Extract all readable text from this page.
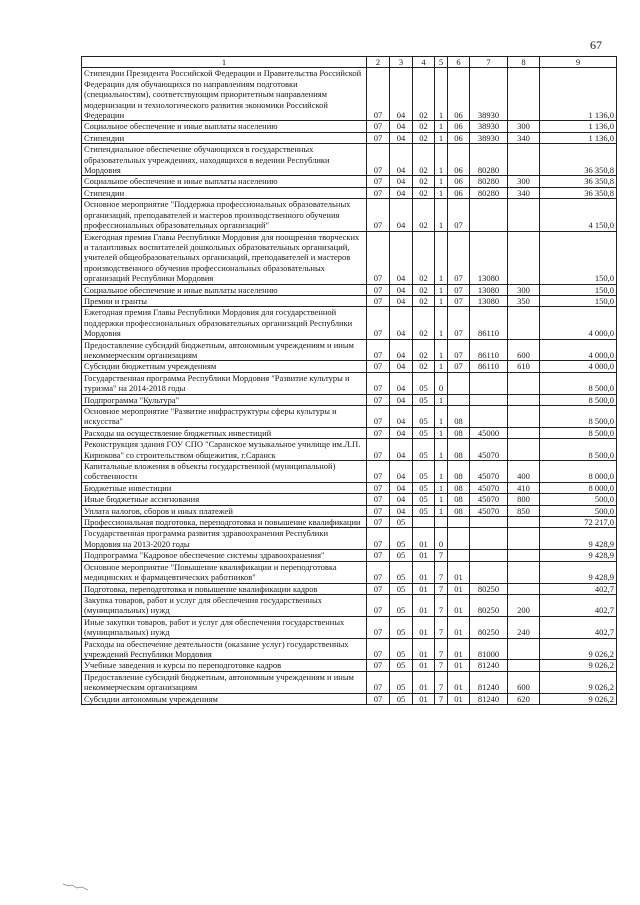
67
1	2	3	4	5	6	7	8	9
Стипендии Президента Российской Федерации и Правительства Российской Федерации для обучающихся по направлениям подготовки (специальностям), соответствующим приоритетным направлениям модернизации и технологического развития экономики Российской Федерации	07	04	02	1	06	38930		1 136,0
Социальное обеспечение и иные выплаты населению	07	04	02	1	06	38930	300	1 136,0
Стипендии	07	04	02	1	06	38930	340	1 136,0
Стипендиальное обеспечение обучающихся в государственных образовательных учреждениях, находящихся в ведении Республики Мордовия	07	04	02	1	06	80280		36 350,8
Социальное обеспечение и иные выплаты населению	07	04	02	1	06	80280	300	36 350,8
Стипендии	07	04	02	1	06	80280	340	36 350,8
Основное мероприятие "Поддержка профессиональных образовательных организаций, преподавателей и мастеров производственного обучения профессиональных образовательных организаций"	07	04	02	1	07			4 150,0
Ежегодная премия Главы Республики Мордовия для поощрения творческих и талантливых воспитателей дошкольных образовательных организаций, учителей общеобразовательных организаций, преподавателей и мастеров производственного обучения профессиональных образовательных организаций Республики Мордовия	07	04	02	1	07	13080		150,0
Социальное обеспечение и иные выплаты населению	07	04	02	1	07	13080	300	150,0
Премии и гранты	07	04	02	1	07	13080	350	150,0
Ежегодная премия Главы Республики Мордовия для государственной поддержки профессиональных образовательных организаций Республики Мордовия	07	04	02	1	07	86110		4 000,0
Предоставление субсидий бюджетным, автономным учреждениям и иным некоммерческим организациям	07	04	02	1	07	86110	600	4 000,0
Субсидии бюджетным учреждениям	07	04	02	1	07	86110	610	4 000,0
Государственная программа Республики Мордовия "Развитие культуры и туризма" на 2014-2018 годы	07	04	05	0				8 500,0
Подпрограмма "Культура"	07	04	05	1				8 500,0
Основное мероприятие "Развитие инфраструктуры сферы культуры и искусства"	07	04	05	1	08			8 500,0
Расходы на осуществление бюджетных инвестиций	07	04	05	1	08	45000		8 500,0
Реконструкция здания ГОУ СПО "Саранское музыкальное училище им.Л.П. Кирюкова" со строительством общежития, г.Саранск	07	04	05	1	08	45070		8 500,0
Капитальные вложения в объекты государственной (муниципальной) собственности	07	04	05	1	08	45070	400	8 000,0
Бюджетные инвестиции	07	04	05	1	08	45070	410	8 000,0
Иные бюджетные ассигнования	07	04	05	1	08	45070	800	500,0
Уплата налогов, сборов и иных платежей	07	04	05	1	08	45070	850	500,0
Профессиональная подготовка, переподготовка и повышение квалификации	07	05						72 217,0
Государственная программа развития здравоохранения Республики Мордовия на 2013-2020 годы	07	05	01	0				9 428,9
Подпрограмма "Кадровое обеспечение системы здравоохранения"	07	05	01	7				9 428,9
Основное мероприятие "Повышение квалификации и переподготовка медицинских и фармацевтических работников"	07	05	01	7	01			9 428,9
Подготовка, переподготовка и повышение квалификации кадров	07	05	01	7	01	80250		402,7
Закупка товаров, работ и услуг для обеспечения государственных (муниципальных) нужд	07	05	01	7	01	80250	200	402,7
Иные закупки товаров, работ и услуг для обеспечения государственных (муниципальных) нужд	07	05	01	7	01	80250	240	402,7
Расходы на обеспечение деятельности (оказание услуг) государственных учреждений Республики Мордовия	07	05	01	7	01	81000		9 026,2
Учебные заведения и курсы по переподготовке кадров	07	05	01	7	01	81240		9 026,2
Предоставление субсидий бюджетным, автономным учреждениям и иным некоммерческим организациям	07	05	01	7	01	81240	600	9 026,2
Субсидии автономным учреждениям	07	05	01	7	01	81240	620	9 026,2
